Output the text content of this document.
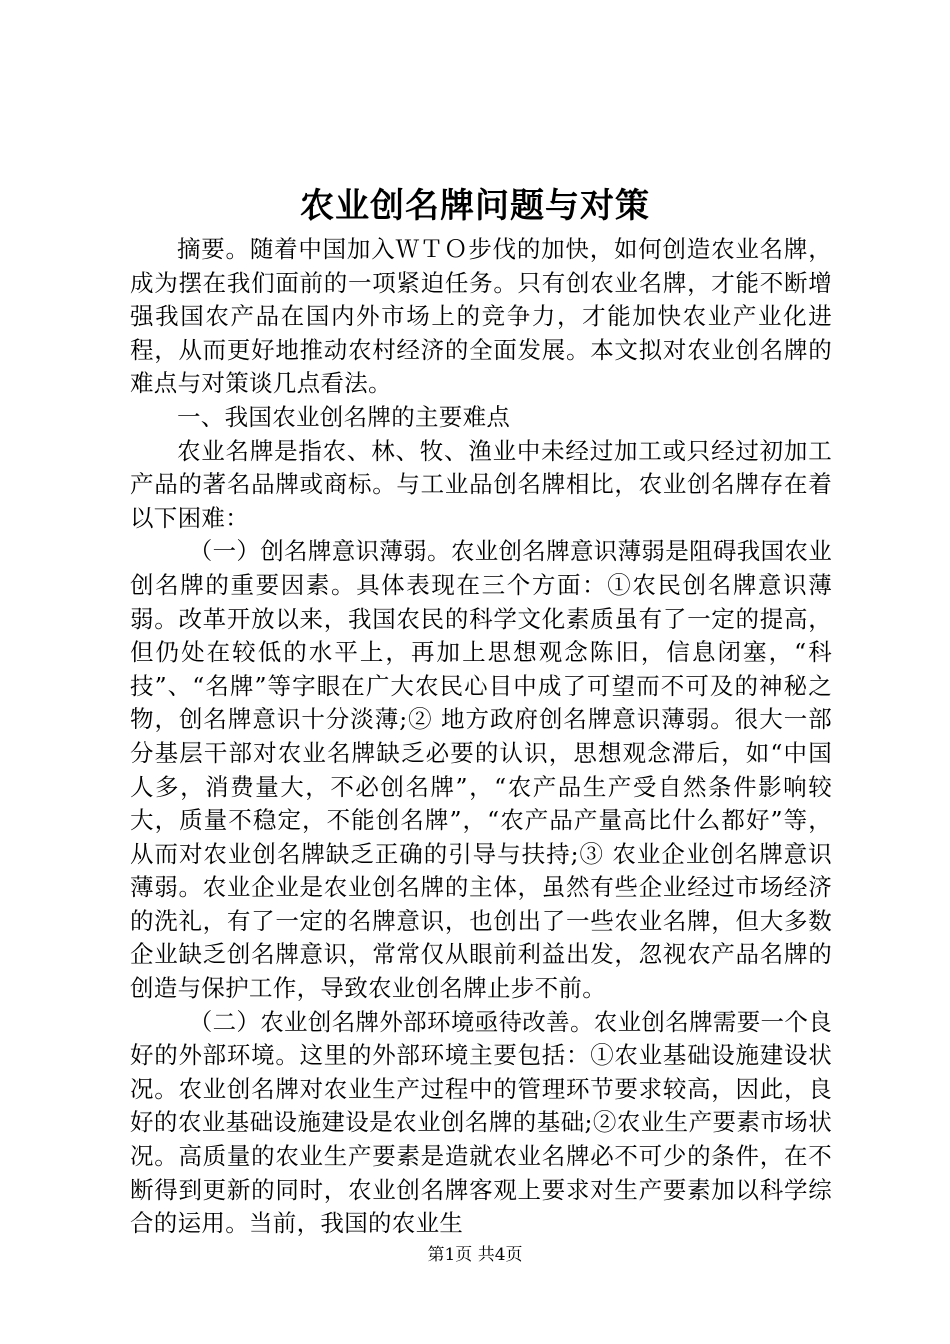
农业创名牌问题与对策

摘要。随着中国加入ＷＴＯ步伐的加快，如何创造农业名牌，成为摆在我们面前的一项紧迫任务。只有创农业名牌，才能不断增强我国农产品在国内外市场上的竞争力，才能加快农业产业化进程，从而更好地推动农村经济的全面发展。本文拟对农业创名牌的难点与对策谈几点看法。

一、我国农业创名牌的主要难点

农业名牌是指农、林、牧、渔业中未经过加工或只经过初加工产品的著名品牌或商标。与工业品创名牌相比，农业创名牌存在着以下困难：

（一）创名牌意识薄弱。农业创名牌意识薄弱是阻碍我国农业创名牌的重要因素。具体表现在三个方面：①农民创名牌意识薄弱。改革开放以来，我国农民的科学文化素质虽有了一定的提高，但仍处在较低的水平上，再加上思想观念陈旧，信息闭塞，“科技”、“名牌”等字眼在广大农民心目中成了可望而不可及的神秘之物，创名牌意识十分淡薄;② 地方政府创名牌意识薄弱。很大一部分基层干部对农业名牌缺乏必要的认识，思想观念滞后，如“中国人多，消费量大，不必创名牌”，“农产品生产受自然条件影响较大，质量不稳定，不能创名牌”，“农产品产量高比什么都好”等，从而对农业创名牌缺乏正确的引导与扶持;③ 农业企业创名牌意识薄弱。农业企业是农业创名牌的主体，虽然有些企业经过市场经济的洗礼，有了一定的名牌意识，也创出了一些农业名牌，但大多数企业缺乏创名牌意识，常常仅从眼前利益出发，忽视农产品名牌的创造与保护工作，导致农业创名牌止步不前。

（二）农业创名牌外部环境亟待改善。农业创名牌需要一个良好的外部环境。这里的外部环境主要包括：①农业基础设施建设状况。农业创名牌对农业生产过程中的管理环节要求较高，因此，良好的农业基础设施建设是农业创名牌的基础;②农业生产要素市场状况。高质量的农业生产要素是造就农业名牌必不可少的条件，在不断得到更新的同时，农业创名牌客观上要求对生产要素加以科学综合的运用。当前，我国的农业生

第1页 共4页
